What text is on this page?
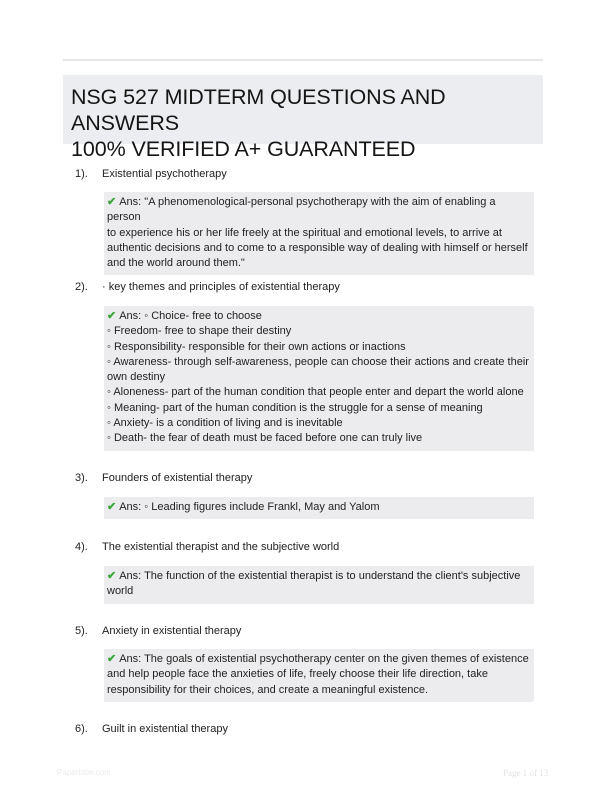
NSG 527 MIDTERM QUESTIONS AND ANSWERS
100% VERIFIED A+ GUARANTEED
1). Existential psychotherapy
✔ Ans: "A phenomenological-personal psychotherapy with the aim of enabling a person
to experience his or her life freely at the spiritual and emotional levels, to arrive at
authentic decisions and to come to a responsible way of dealing with himself or herself
and the world around them."
2). · key themes and principles of existential therapy
✔ Ans: ◦ Choice- free to choose
◦ Freedom- free to shape their destiny
◦ Responsibility- responsible for their own actions or inactions
◦ Awareness- through self-awareness, people can choose their actions and create their
own destiny
◦ Aloneness- part of the human condition that people enter and depart the world alone
◦ Meaning- part of the human condition is the struggle for a sense of meaning
◦ Anxiety- is a condition of living and is inevitable
◦ Death- the fear of death must be faced before one can truly live
3). Founders of existential therapy
✔ Ans: ◦ Leading figures include Frankl, May and Yalom
4). The existential therapist and the subjective world
✔ Ans: The function of the existential therapist is to understand the client's subjective
world
5). Anxiety in existential therapy
✔ Ans: The goals of existential psychotherapy center on the given themes of existence
and help people face the anxieties of life, freely choose their life direction, take
responsibility for their choices, and create a meaningful existence.
6). Guilt in existential therapy
Paperbttle.com	Page 1 of 13
